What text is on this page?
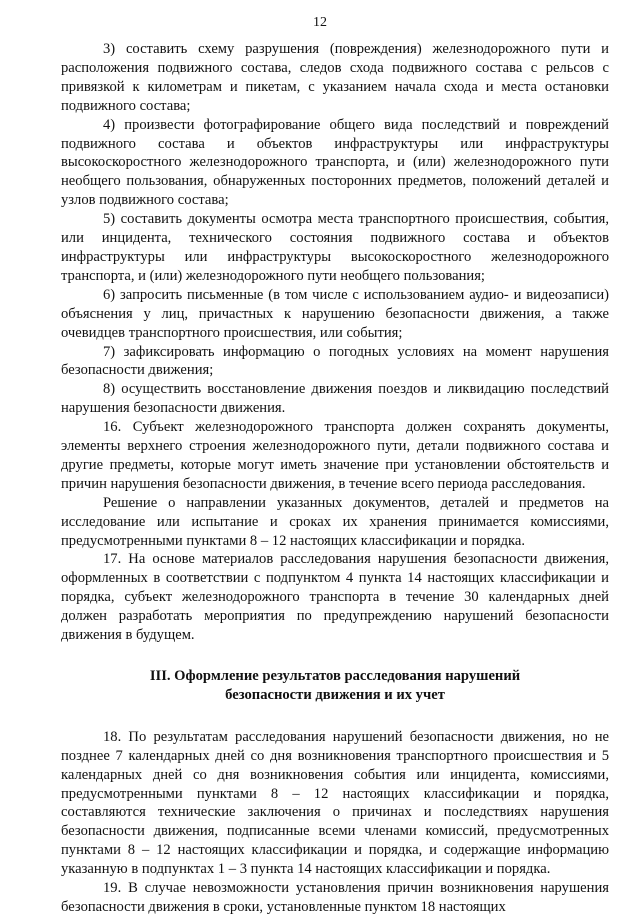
12

3) составить схему разрушения (повреждения) железнодорожного пути и расположения подвижного состава, следов схода подвижного состава с рельсов с привязкой к километрам и пикетам, с указанием начала схода и места остановки подвижного состава;

4) произвести фотографирование общего вида последствий и повреждений подвижного состава и объектов инфраструктуры или инфраструктуры высокоскоростного железнодорожного транспорта, и (или) железнодорожного пути необщего пользования, обнаруженных посторонних предметов, положений деталей и узлов подвижного состава;

5) составить документы осмотра места транспортного происшествия, события, или инцидента, технического состояния подвижного состава и объектов инфраструктуры или инфраструктуры высокоскоростного железнодорожного транспорта, и (или) железнодорожного пути необщего пользования;

6) запросить письменные (в том числе с использованием аудио- и видеозаписи) объяснения у лиц, причастных к нарушению безопасности движения, а также очевидцев транспортного происшествия, или события;

7) зафиксировать информацию о погодных условиях на момент нарушения безопасности движения;

8) осуществить восстановление движения поездов и ликвидацию последствий нарушения безопасности движения.

16. Субъект железнодорожного транспорта должен сохранять документы, элементы верхнего строения железнодорожного пути, детали подвижного состава и другие предметы, которые могут иметь значение при установлении обстоятельств и причин нарушения безопасности движения, в течение всего периода расследования.

Решение о направлении указанных документов, деталей и предметов на исследование или испытание и сроках их хранения принимается комиссиями, предусмотренными пунктами 8 – 12 настоящих классификации и порядка.

17. На основе материалов расследования нарушения безопасности движения, оформленных в соответствии с подпунктом 4 пункта 14 настоящих классификации и порядка, субъект железнодорожного транспорта в течение 30 календарных дней должен разработать мероприятия по предупреждению нарушений безопасности движения в будущем.

III. Оформление результатов расследования нарушений
безопасности движения и их учет

18. По результатам расследования нарушений безопасности движения, но не позднее 7 календарных дней со дня возникновения транспортного происшествия и 5 календарных дней со дня возникновения события или инцидента, комиссиями, предусмотренными пунктами 8 – 12 настоящих классификации и порядка, составляются технические заключения о причинах и последствиях нарушения безопасности движения, подписанные всеми членами комиссий, предусмотренных пунктами 8 – 12 настоящих классификации и порядка, и содержащие информацию указанную в подпунктах 1 – 3 пункта 14 настоящих классификации и порядка.

19. В случае невозможности установления причин возникновения нарушения безопасности движения в сроки, установленные пунктом 18 настоящих
